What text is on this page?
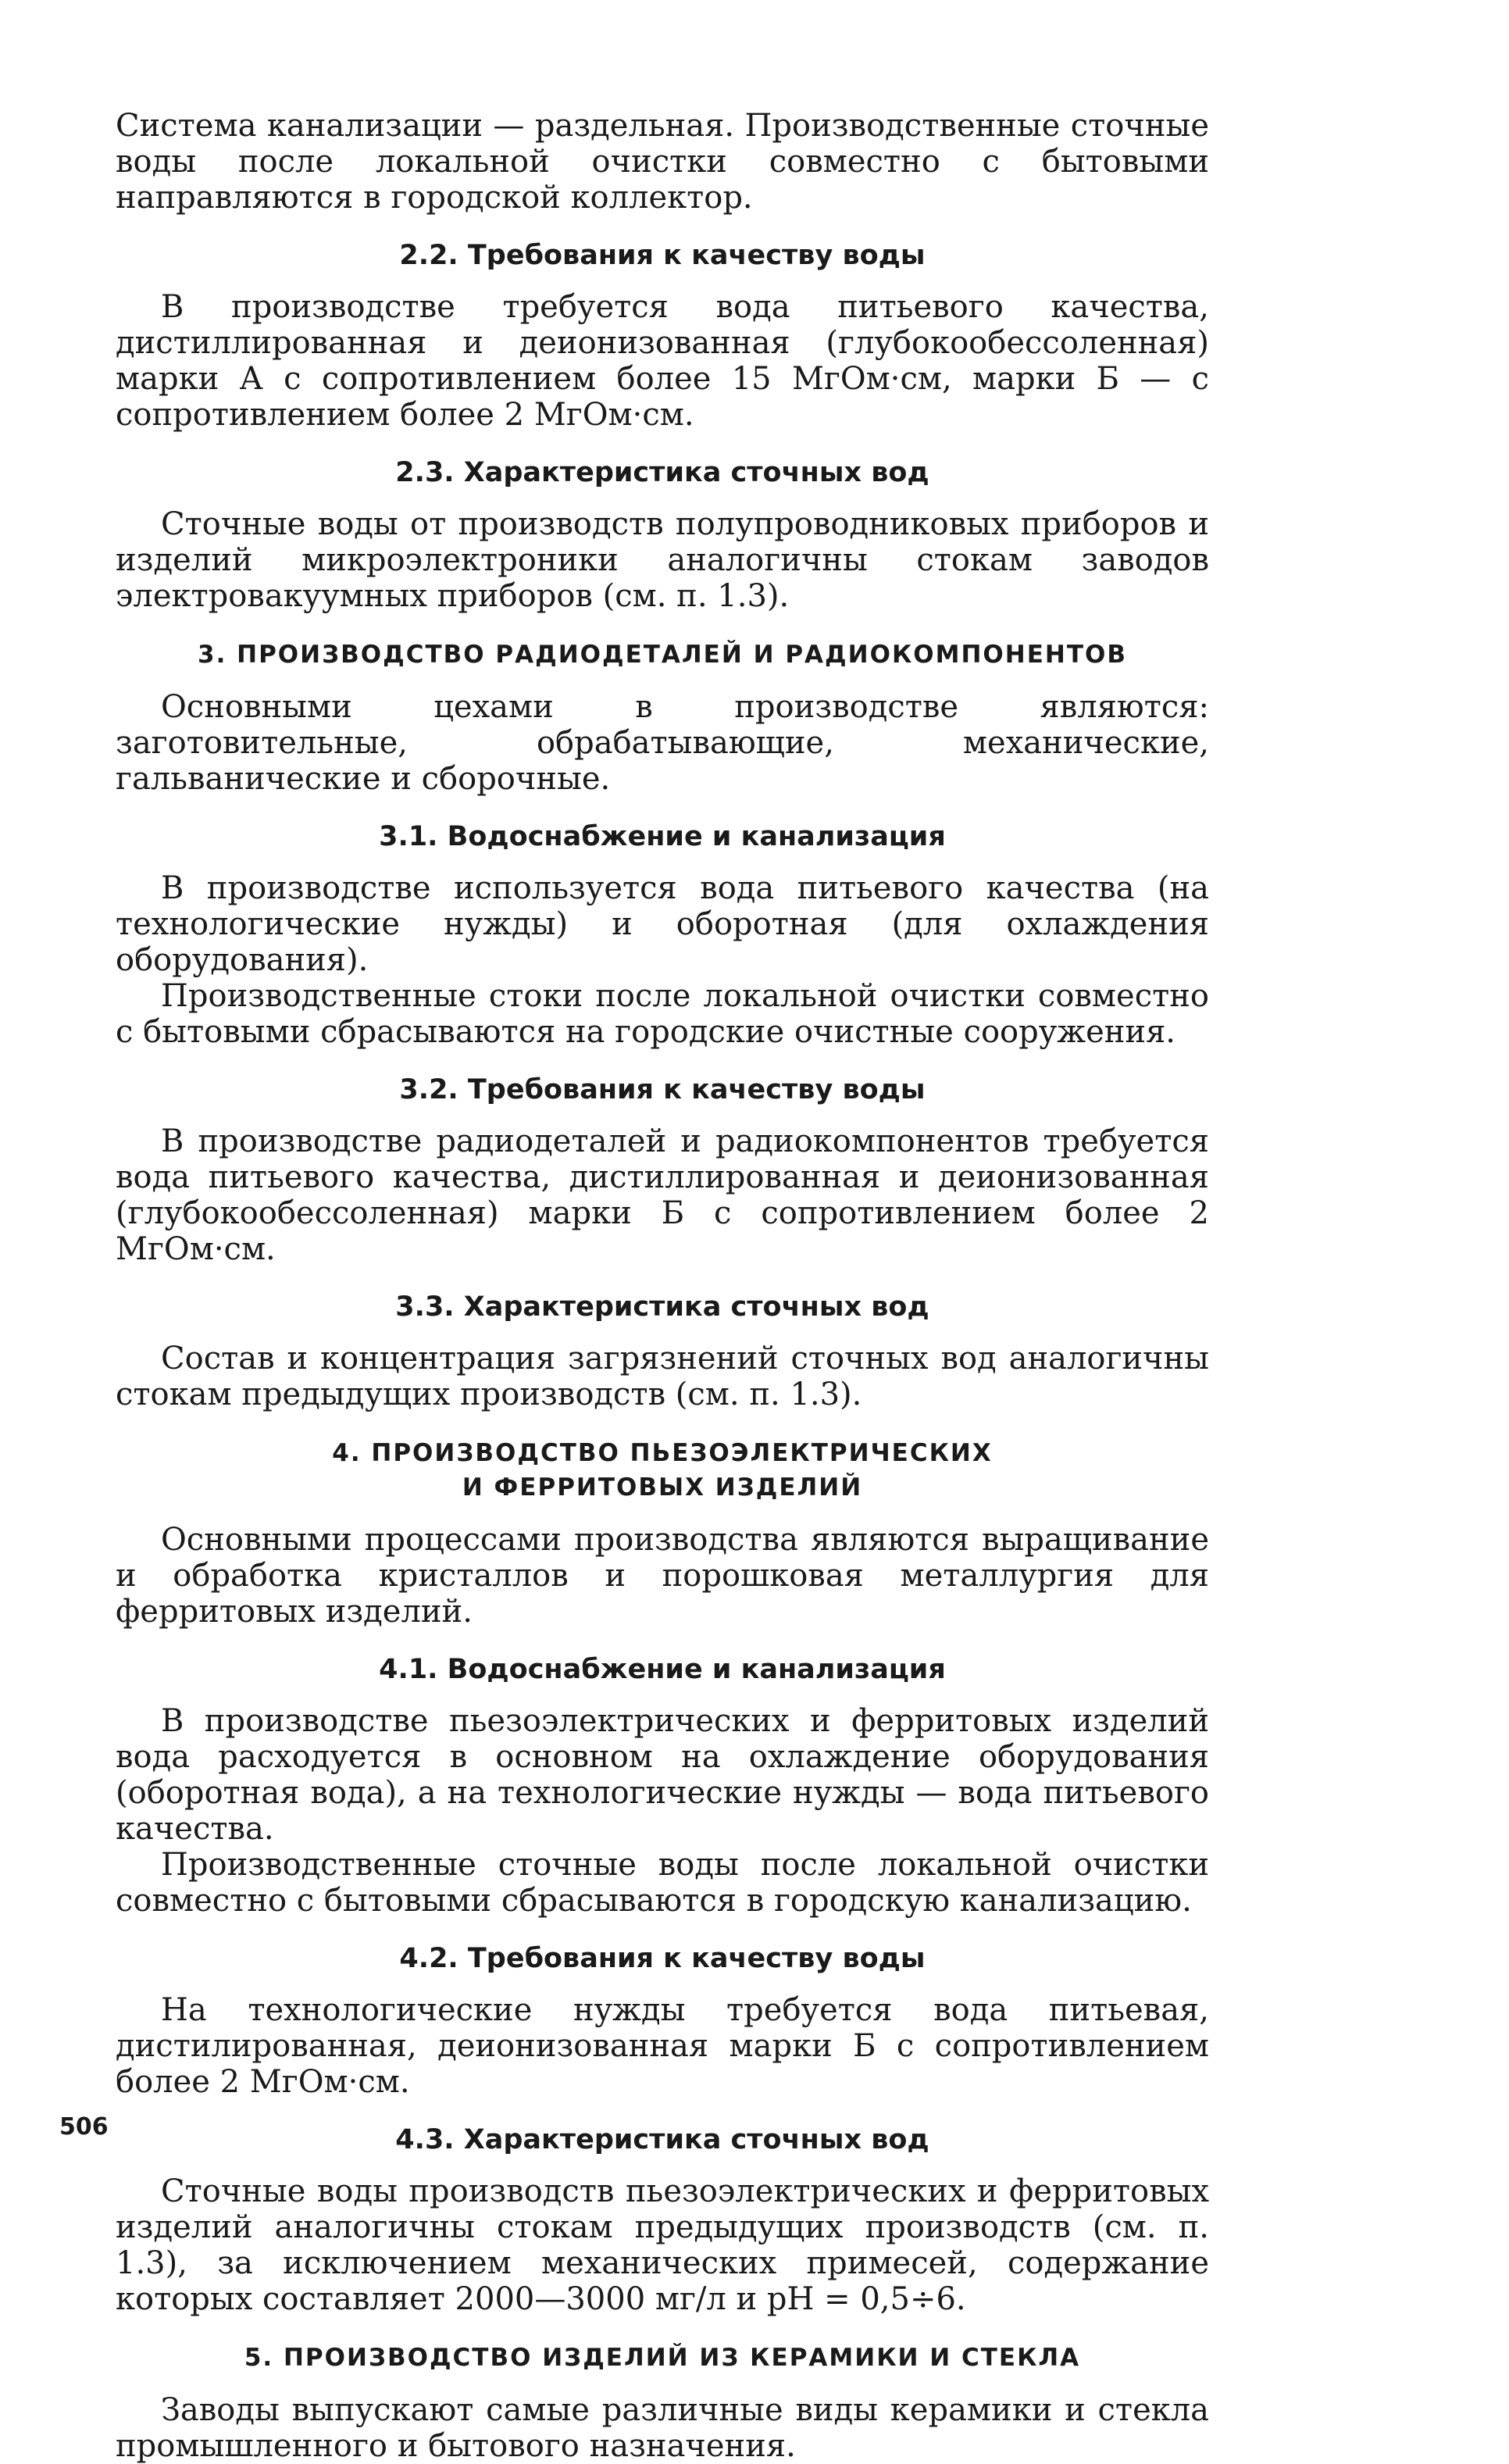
Система канализации — раздельная. Производственные сточные воды после локальной очистки совместно с бытовыми направляются в городской коллектор.

2.2. Требования к качеству воды

В производстве требуется вода питьевого качества, дистиллированная и деионизованная (глубокообессоленная) марки А с сопротивлением более 15 МгОм·см, марки Б — с сопротивлением более 2 МгОм·см.

2.3. Характеристика сточных вод

Сточные воды от производств полупроводниковых приборов и изделий микроэлектроники аналогичны стокам заводов электровакуумных приборов (см. п. 1.3).

3. ПРОИЗВОДСТВО РАДИОДЕТАЛЕЙ И РАДИОКОМПОНЕНТОВ

Основными цехами в производстве являются: заготовительные, обрабатывающие, механические, гальванические и сборочные.

3.1. Водоснабжение и канализация

В производстве используется вода питьевого качества (на технологические нужды) и оборотная (для охлаждения оборудования).

Производственные стоки после локальной очистки совместно с бытовыми сбрасываются на городские очистные сооружения.

3.2. Требования к качеству воды

В производстве радиодеталей и радиокомпонентов требуется вода питьевого качества, дистиллированная и деионизованная (глубокообессоленная) марки Б с сопротивлением более 2 МгОм·см.

3.3. Характеристика сточных вод

Состав и концентрация загрязнений сточных вод аналогичны стокам предыдущих производств (см. п. 1.3).

4. ПРОИЗВОДСТВО ПЬЕЗОЭЛЕКТРИЧЕСКИХ
И ФЕРРИТОВЫХ ИЗДЕЛИЙ

Основными процессами производства являются выращивание и обработка кристаллов и порошковая металлургия для ферритовых изделий.

4.1. Водоснабжение и канализация

В производстве пьезоэлектрических и ферритовых изделий вода расходуется в основном на охлаждение оборудования (оборотная вода), а на технологические нужды — вода питьевого качества.

Производственные сточные воды после локальной очистки совместно с бытовыми сбрасываются в городскую канализацию.

4.2. Требования к качеству воды

На технологические нужды требуется вода питьевая, дистилированная, деионизованная марки Б с сопротивлением более 2 МгОм·см.

4.3. Характеристика сточных вод

Сточные воды производств пьезоэлектрических и ферритовых изделий аналогичны стокам предыдущих производств (см. п. 1.3), за исключением механических примесей, содержание которых составляет 2000—3000 мг/л и рН = 0,5÷6.

5. ПРОИЗВОДСТВО ИЗДЕЛИЙ ИЗ КЕРАМИКИ И СТЕКЛА

Заводы выпускают самые различные виды керамики и стекла промышленного и бытового назначения.

506
